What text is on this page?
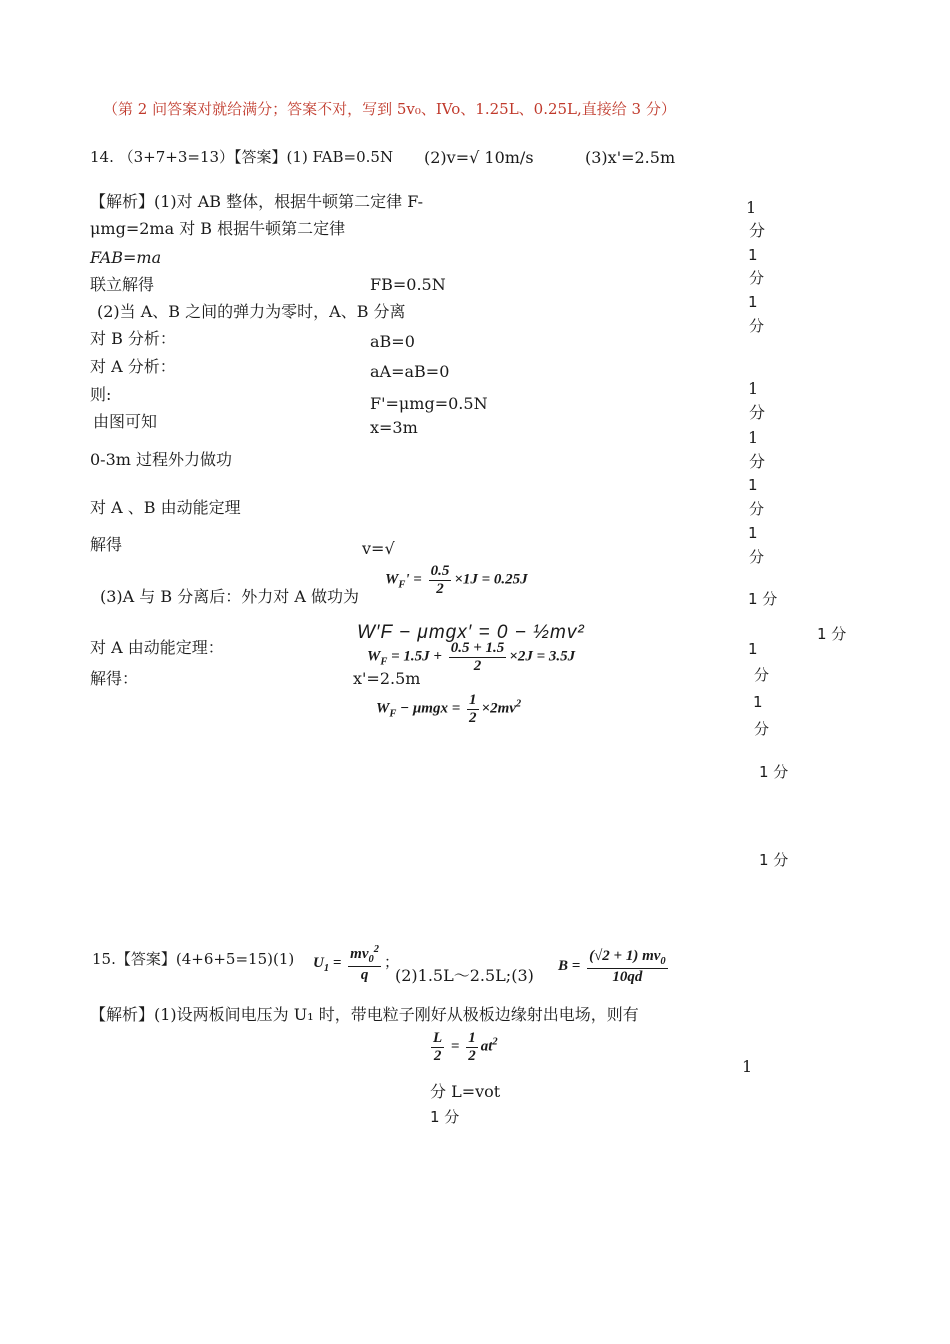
（第 2 问答案对就给满分；答案不对，写到 5v₀、IVo、1.25L、0.25L,直接给 3 分）
14. （3+7+3=13）【答案】(1) FAB=0.5N (2)v=√ 10m/s	(3)x'=2.5m
【解析】(1)对 AB 整体，根据牛顿第二定律 F-
μmg=2ma 对 B 根据牛顿第二定律
FAB=ma
联立解得	FB=0.5N
(2)当 A、B 之间的弹力为零时，A、B 分离
对 B 分析：	aB=0
对 A 分析：	aA=aB=0
则:	F'=μmg=0.5N
由图可知	x=3m
0-3m 过程外力做功
对 A 、B 由动能定理
解得	v=√
$W_F' = \frac{0.5}{2} \times 1J = 0.25J$
(3)A 与 B 分离后：外力对 A 做功为
W′F − μmgx′ = 0 − ½mv²
对 A 由动能定理：	$W_F = 1.5J + \frac{0.5 + 1.5}{2} \times 2J = 3.5J$
解得：	x'=2.5m
$W_F - \mu mgx = \frac{1}{2} \times 2mv^2$
1
分
1
分
1
分
1
分
1
分
1
分
1
分
1 分
1 分
1
分
1
分
1 分
1 分
15.【答案】(4+6+5=15)(1) $U_1 = \frac{mv_0^2}{q}$ ；
(2)1.5L～2.5L;(3)
$B = \frac{(√2 + 1) mv_0}{10qd}$
【解析】(1)设两板间电压为 U₁ 时，带电粒子刚好从极板边缘射出电场，则有
$\frac{L}{2} = \frac{1}{2} at^2$
1
分 L=vot
1 分
